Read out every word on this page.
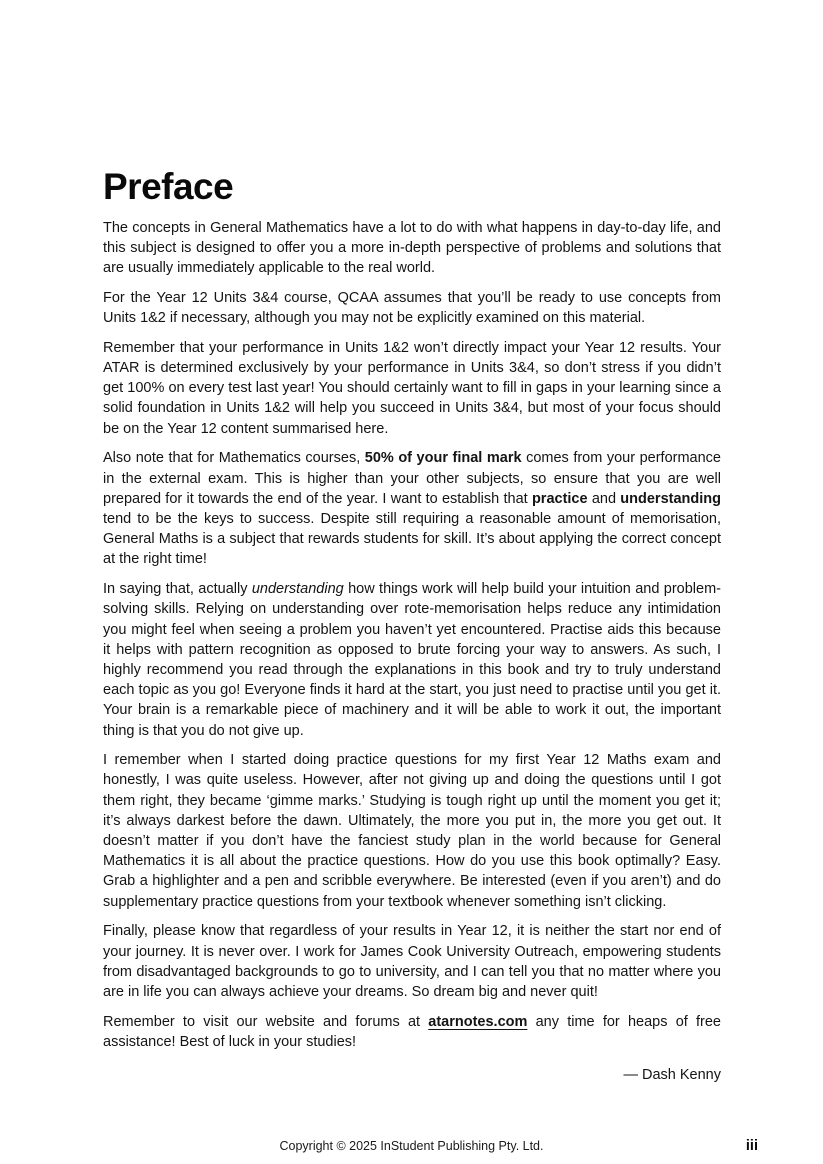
Preface

The concepts in General Mathematics have a lot to do with what happens in day-to-day life, and this subject is designed to offer you a more in-depth perspective of problems and solutions that are usually immediately applicable to the real world.

For the Year 12 Units 3&4 course, QCAA assumes that you’ll be ready to use concepts from Units 1&2 if necessary, although you may not be explicitly examined on this material.

Remember that your performance in Units 1&2 won’t directly impact your Year 12 results. Your ATAR is determined exclusively by your performance in Units 3&4, so don’t stress if you didn’t get 100% on every test last year! You should certainly want to fill in gaps in your learning since a solid foundation in Units 1&2 will help you succeed in Units 3&4, but most of your focus should be on the Year 12 content summarised here.

Also note that for Mathematics courses, 50% of your final mark comes from your performance in the external exam. This is higher than your other subjects, so ensure that you are well prepared for it towards the end of the year. I want to establish that practice and understanding tend to be the keys to success. Despite still requiring a reasonable amount of memorisation, General Maths is a subject that rewards students for skill. It’s about applying the correct concept at the right time!

In saying that, actually understanding how things work will help build your intuition and problem-solving skills. Relying on understanding over rote-memorisation helps reduce any intimidation you might feel when seeing a problem you haven’t yet encountered. Practise aids this because it helps with pattern recognition as opposed to brute forcing your way to answers. As such, I highly recommend you read through the explanations in this book and try to truly understand each topic as you go! Everyone finds it hard at the start, you just need to practise until you get it. Your brain is a remarkable piece of machinery and it will be able to work it out, the important thing is that you do not give up.

I remember when I started doing practice questions for my first Year 12 Maths exam and honestly, I was quite useless. However, after not giving up and doing the questions until I got them right, they became ‘gimme marks.’ Studying is tough right up until the moment you get it; it’s always darkest before the dawn. Ultimately, the more you put in, the more you get out. It doesn’t matter if you don’t have the fanciest study plan in the world because for General Mathematics it is all about the practice questions. How do you use this book optimally? Easy. Grab a highlighter and a pen and scribble everywhere. Be interested (even if you aren’t) and do supplementary practice questions from your textbook whenever something isn’t clicking.

Finally, please know that regardless of your results in Year 12, it is neither the start nor end of your journey. It is never over. I work for James Cook University Outreach, empowering students from disadvantaged backgrounds to go to university, and I can tell you that no matter where you are in life you can always achieve your dreams. So dream big and never quit!

Remember to visit our website and forums at atarnotes.com any time for heaps of free assistance! Best of luck in your studies!

— Dash Kenny
Copyright © 2025 InStudent Publishing Pty. Ltd.	iii
